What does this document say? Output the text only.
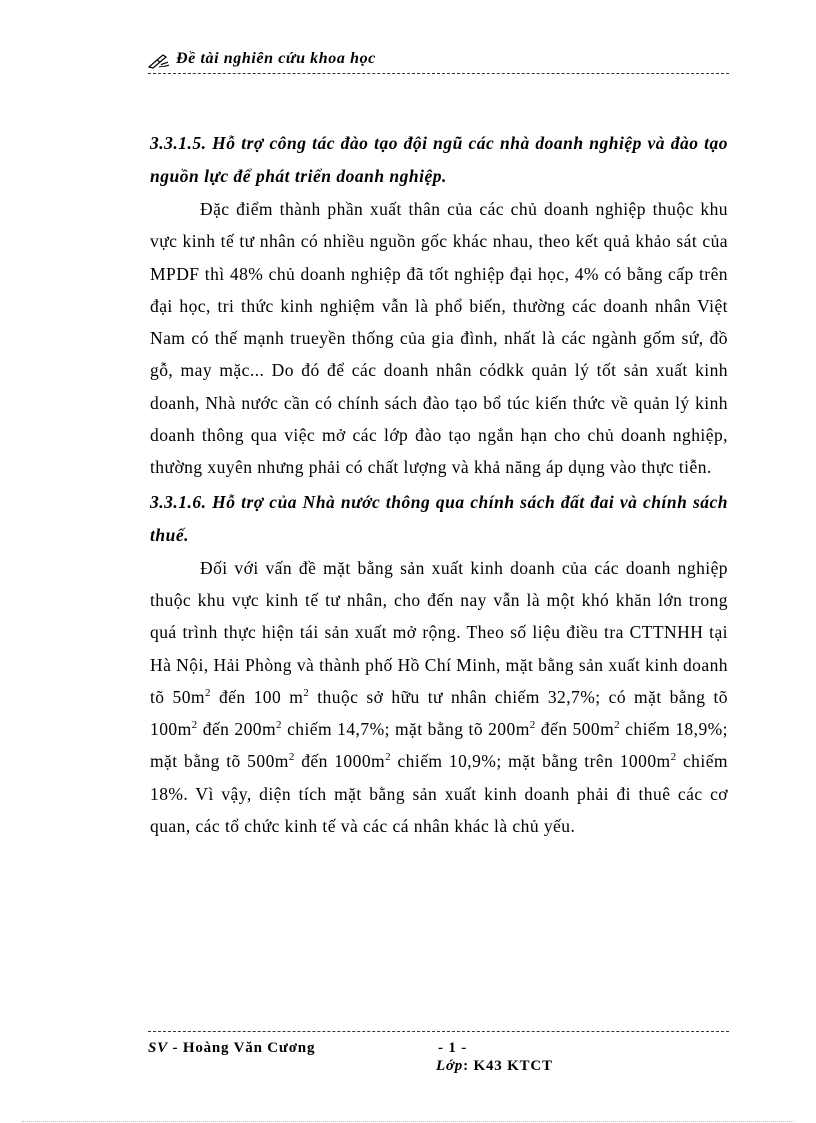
Đề tài nghiên cứu khoa học

3.3.1.5. Hỗ trợ công tác đào tạo đội ngũ các nhà doanh nghiệp và đào tạo nguồn lực để phát triển doanh nghiệp.

Đặc điểm thành phần xuất thân của các chủ doanh nghiệp thuộc khu vực kinh tế tư nhân có nhiều nguồn gốc khác nhau, theo kết quả khảo sát của MPDF thì 48% chủ doanh nghiệp đã tốt nghiệp đại học, 4% có bằng cấp trên đại học, tri thức kinh nghiệm vẫn là phổ biến, thường các doanh nhân Việt Nam có thế mạnh trueyền thống của gia đình, nhất là các ngành gốm sứ, đồ gỗ, may mặc... Do đó để các doanh nhân códkk quản lý tốt sản xuất kinh doanh, Nhà nước cần có chính sách đào tạo bổ túc kiến thức về quản lý kinh doanh thông qua việc mở các lớp đào tạo ngắn hạn cho chủ doanh nghiệp, thường xuyên nhưng phải có chất lượng và khả năng áp dụng vào thực tiễn.

3.3.1.6. Hỗ trợ của Nhà nước thông qua chính sách đất đai và chính sách thuế.

Đối với vấn đề mặt bằng sản xuất kinh doanh của các doanh nghiệp thuộc khu vực kinh tế tư nhân, cho đến nay vẫn là một khó khăn lớn trong quá trình thực hiện tái sản xuất mở rộng. Theo số liệu điều tra CTTNHH tại Hà Nội, Hải Phòng và thành phố Hồ Chí Minh, mặt bằng sản xuất kinh doanh tõ $50m^2$ đến 100 $m^2$ thuộc sở hữu tư nhân chiếm 32,7%; có mặt bằng tõ $100m^2$ đến $200m^2$ chiếm 14,7%; mặt bằng tõ $200m^2$ đến $500m^2$ chiếm 18,9%; mặt bằng tõ $500m^2$ đến $1000m^2$ chiếm 10,9%; mặt bằng trên $1000m^2$ chiếm 18%. Vì vậy, diện tích mặt bằng sản xuất kinh doanh phải đi thuê các cơ quan, các tổ chức kinh tế và các cá nhân khác là chủ yếu.

SV - Hoàng Văn Cương	- 1 -
Lớp: K43 KTCT
